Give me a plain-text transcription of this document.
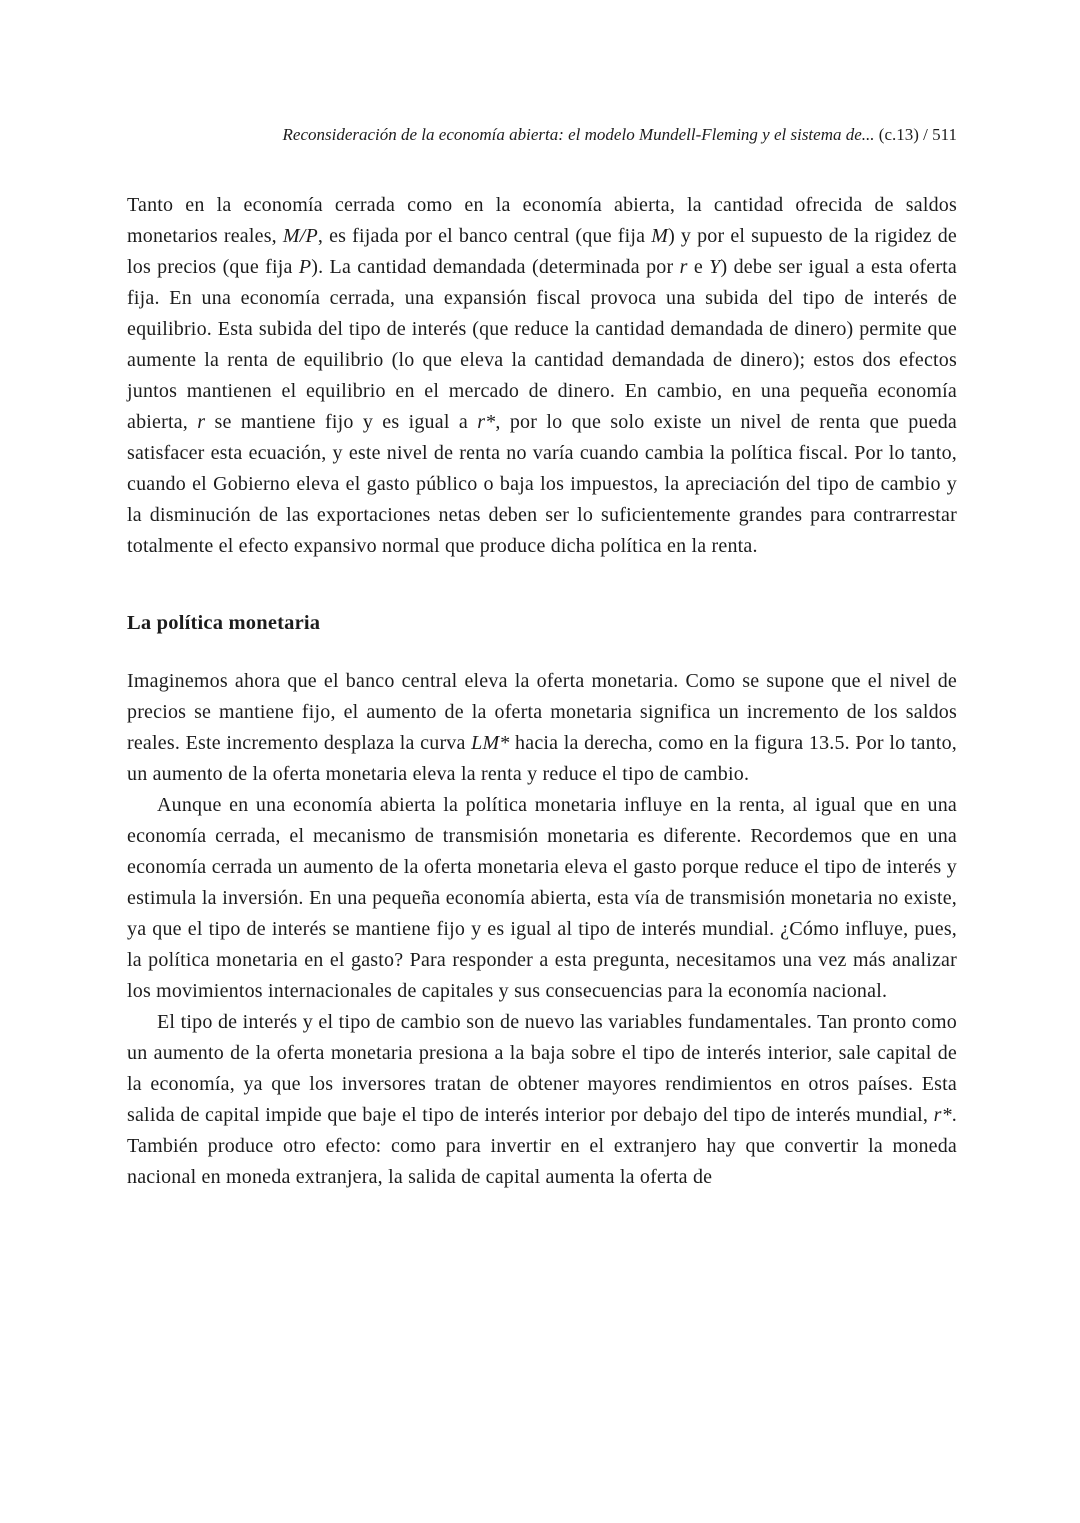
Reconsideración de la economía abierta: el modelo Mundell-Fleming y el sistema de... (c.13) / 511

Tanto en la economía cerrada como en la economía abierta, la cantidad ofrecida de saldos monetarios reales, M/P, es fijada por el banco central (que fija M) y por el supuesto de la rigidez de los precios (que fija P). La cantidad demandada (determinada por r e Y) debe ser igual a esta oferta fija. En una economía cerrada, una expansión fiscal provoca una subida del tipo de interés de equilibrio. Esta subida del tipo de interés (que reduce la cantidad demandada de dinero) permite que aumente la renta de equilibrio (lo que eleva la cantidad demandada de dinero); estos dos efectos juntos mantienen el equilibrio en el mercado de dinero. En cambio, en una pequeña economía abierta, r se mantiene fijo y es igual a r*, por lo que solo existe un nivel de renta que pueda satisfacer esta ecuación, y este nivel de renta no varía cuando cambia la política fiscal. Por lo tanto, cuando el Gobierno eleva el gasto público o baja los impuestos, la apreciación del tipo de cambio y la disminución de las exportaciones netas deben ser lo suficientemente grandes para contrarrestar totalmente el efecto expansivo normal que produce dicha política en la renta.

La política monetaria

Imaginemos ahora que el banco central eleva la oferta monetaria. Como se supone que el nivel de precios se mantiene fijo, el aumento de la oferta monetaria significa un incremento de los saldos reales. Este incremento desplaza la curva LM* hacia la derecha, como en la figura 13.5. Por lo tanto, un aumento de la oferta monetaria eleva la renta y reduce el tipo de cambio.

Aunque en una economía abierta la política monetaria influye en la renta, al igual que en una economía cerrada, el mecanismo de transmisión monetaria es diferente. Recordemos que en una economía cerrada un aumento de la oferta monetaria eleva el gasto porque reduce el tipo de interés y estimula la inversión. En una pequeña economía abierta, esta vía de transmisión monetaria no existe, ya que el tipo de interés se mantiene fijo y es igual al tipo de interés mundial. ¿Cómo influye, pues, la política monetaria en el gasto? Para responder a esta pregunta, necesitamos una vez más analizar los movimientos internacionales de capitales y sus consecuencias para la economía nacional.

El tipo de interés y el tipo de cambio son de nuevo las variables fundamentales. Tan pronto como un aumento de la oferta monetaria presiona a la baja sobre el tipo de interés interior, sale capital de la economía, ya que los inversores tratan de obtener mayores rendimientos en otros países. Esta salida de capital impide que baje el tipo de interés interior por debajo del tipo de interés mundial, r*. También produce otro efecto: como para invertir en el extranjero hay que convertir la moneda nacional en moneda extranjera, la salida de capital aumenta la oferta de
